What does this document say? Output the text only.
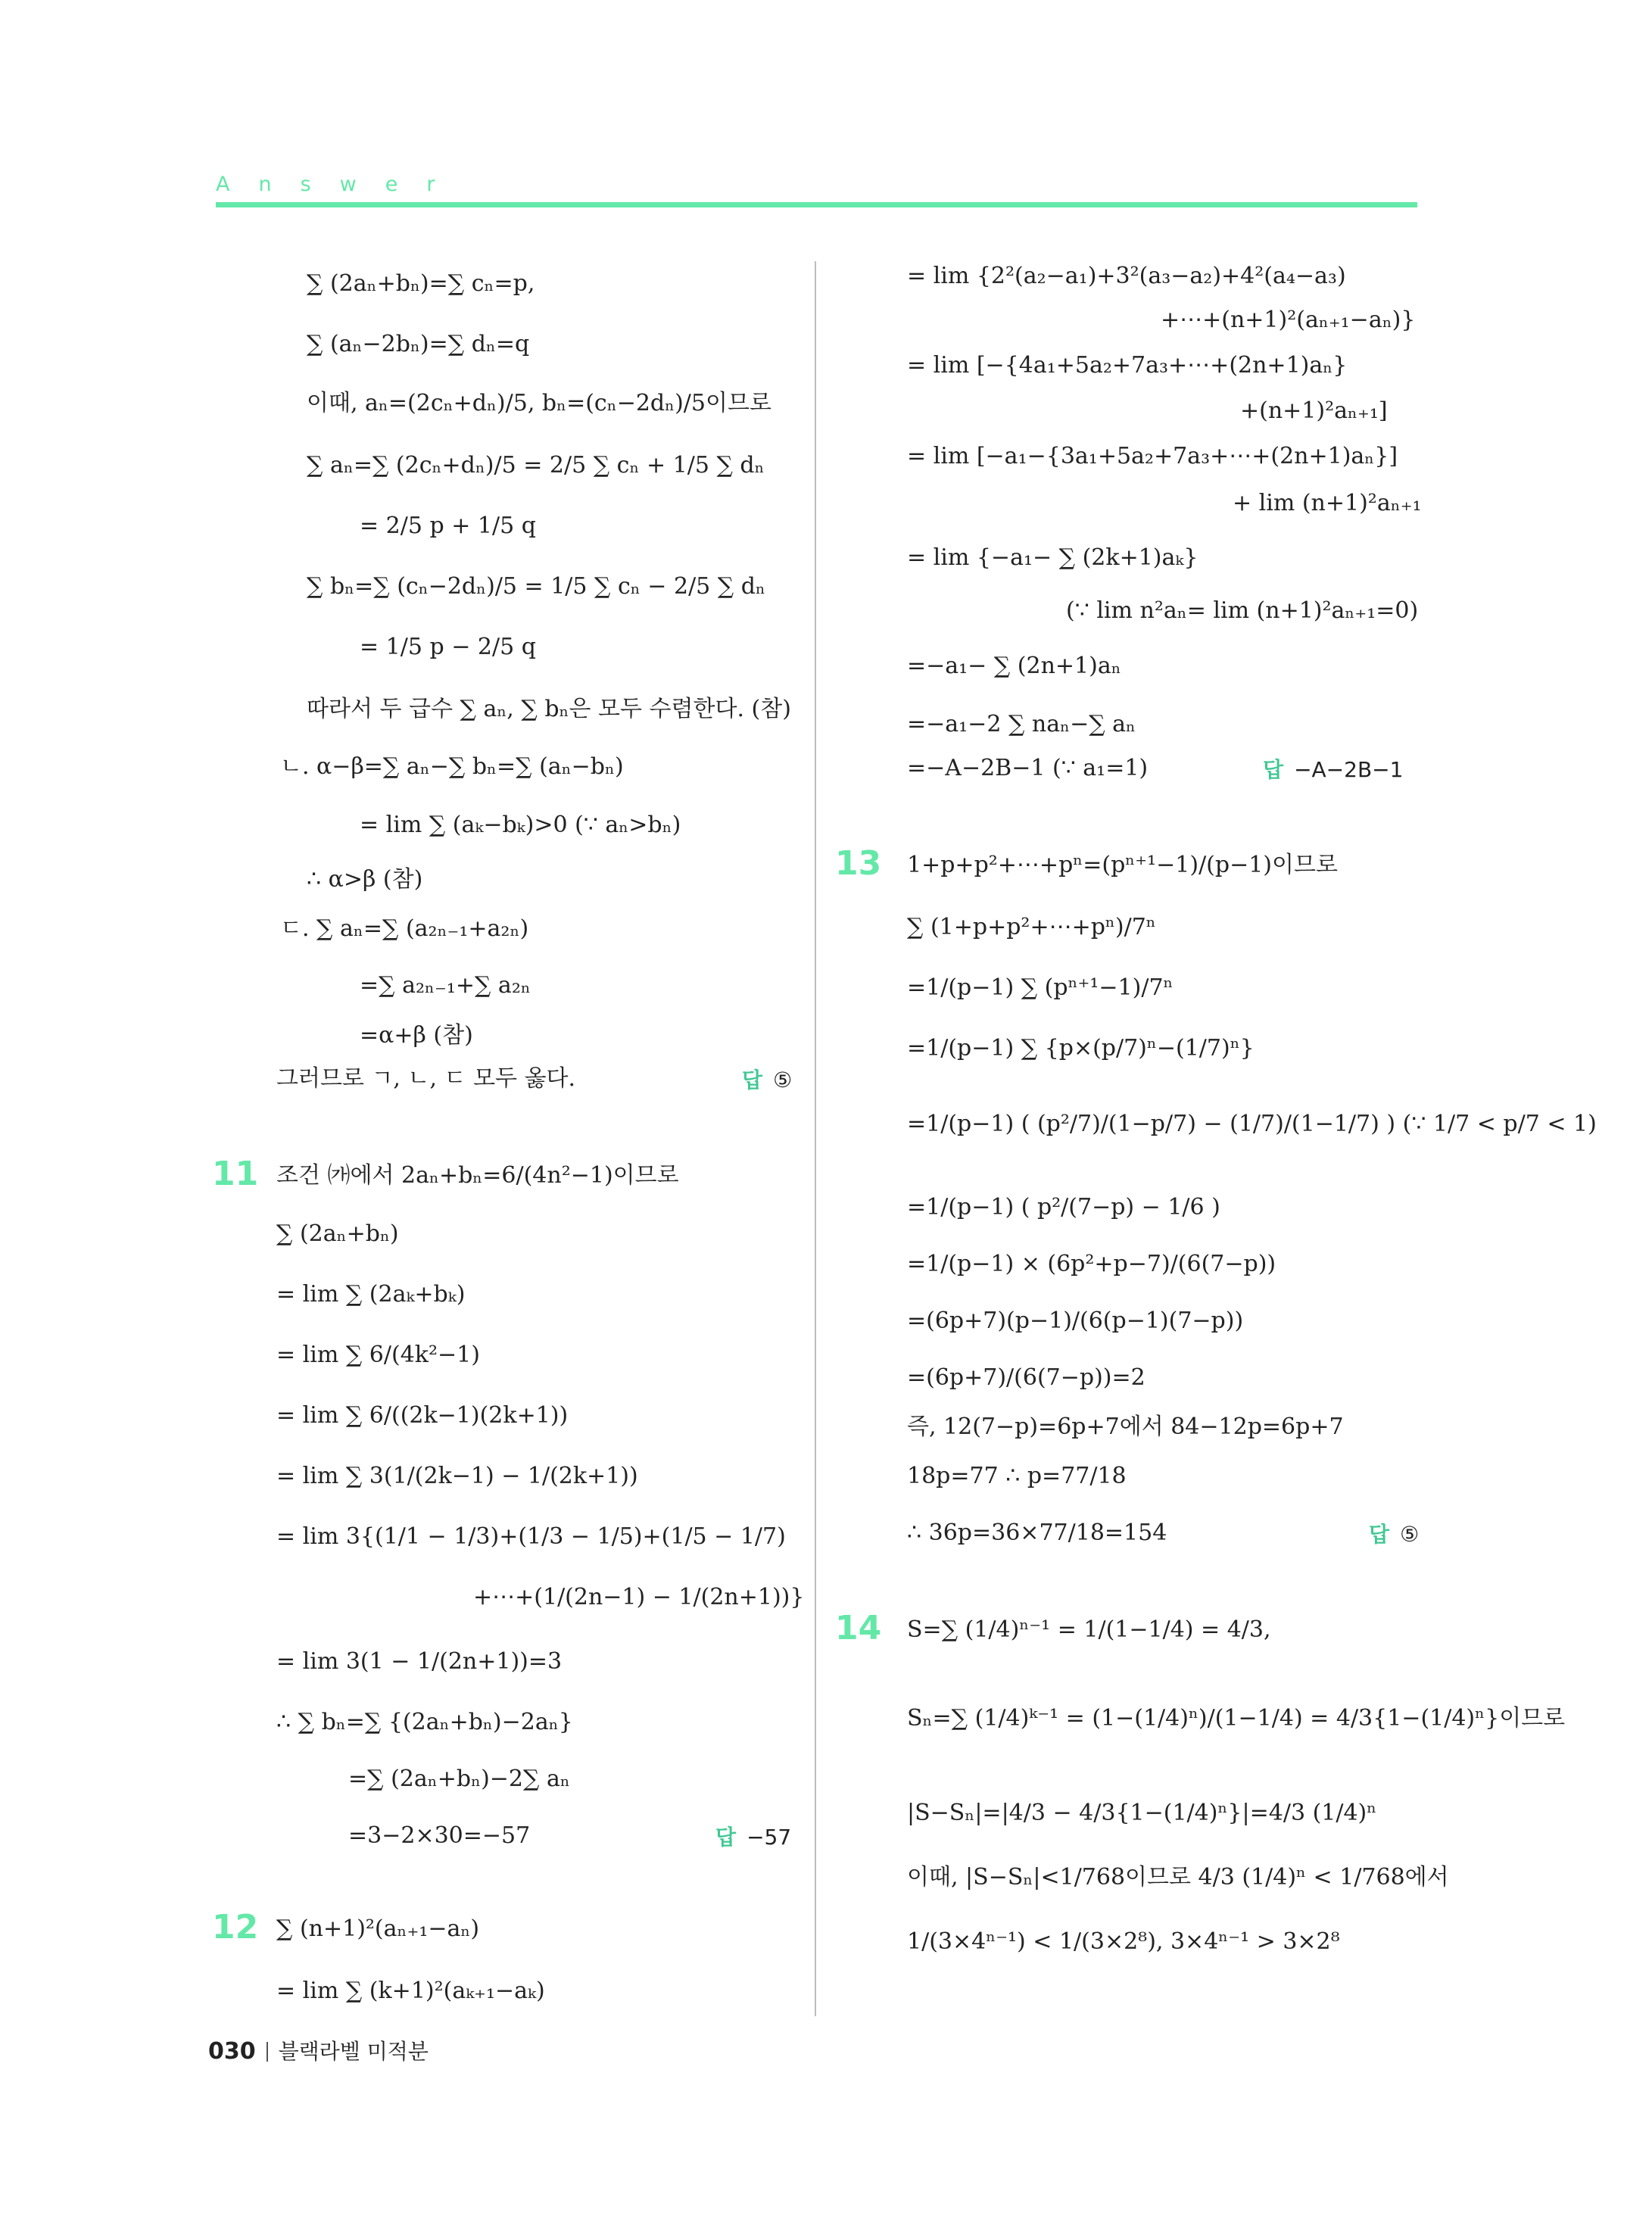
Answer
∑ (2aₙ+bₙ)=∑ cₙ=p,
∑ (aₙ−2bₙ)=∑ dₙ=q
이때, aₙ=(2cₙ+dₙ)/5, bₙ=(cₙ−2dₙ)/5이므로
∑ aₙ=∑ (2cₙ+dₙ)/5 = 2/5 ∑ cₙ + 1/5 ∑ dₙ
= 2/5 p + 1/5 q
∑ bₙ=∑ (cₙ−2dₙ)/5 = 1/5 ∑ cₙ − 2/5 ∑ dₙ
= 1/5 p − 2/5 q
따라서 두 급수 ∑ aₙ, ∑ bₙ은 모두 수렴한다. (참)
ㄴ. α−β=∑ aₙ−∑ bₙ=∑ (aₙ−bₙ)
= lim ∑ (aₖ−bₖ)>0 (∵ aₙ>bₙ)
∴ α>β (참)
ㄷ. ∑ aₙ=∑ (a₂ₙ₋₁+a₂ₙ)
=∑ a₂ₙ₋₁+∑ a₂ₙ
=α+β (참)
그러므로 ㄱ, ㄴ, ㄷ 모두 옳다.	답 ⑤
11 조건 ㈎에서 2aₙ+bₙ=6/(4n²−1)이므로
∑ (2aₙ+bₙ)
= lim ∑ (2aₖ+bₖ)
= lim ∑ 6/(4k²−1)
= lim ∑ 6/((2k−1)(2k+1))
= lim ∑ 3(1/(2k−1) − 1/(2k+1))
= lim 3{(1/1 − 1/3)+(1/3 − 1/5)+(1/5 − 1/7)
+⋯+(1/(2n−1) − 1/(2n+1))}
= lim 3(1 − 1/(2n+1))=3
∴ ∑ bₙ=∑ {(2aₙ+bₙ)−2aₙ}
=∑ (2aₙ+bₙ)−2∑ aₙ
=3−2×30=−57	답 −57
12 ∑ (n+1)²(aₙ₊₁−aₙ)
= lim ∑ (k+1)²(aₖ₊₁−aₖ)
= lim {2²(a₂−a₁)+3²(a₃−a₂)+4²(a₄−a₃)
+⋯+(n+1)²(aₙ₊₁−aₙ)}
= lim [−{4a₁+5a₂+7a₃+⋯+(2n+1)aₙ}
+(n+1)²aₙ₊₁]
= lim [−a₁−{3a₁+5a₂+7a₃+⋯+(2n+1)aₙ}]
+ lim (n+1)²aₙ₊₁
= lim {−a₁− ∑ (2k+1)aₖ}
(∵ lim n²aₙ= lim (n+1)²aₙ₊₁=0)
=−a₁− ∑ (2n+1)aₙ
=−a₁−2 ∑ naₙ−∑ aₙ
=−A−2B−1 (∵ a₁=1)	답 −A−2B−1
13 1+p+p²+⋯+pⁿ=(pⁿ⁺¹−1)/(p−1)이므로
∑ (1+p+p²+⋯+pⁿ)/7ⁿ
=1/(p−1) ∑ (pⁿ⁺¹−1)/7ⁿ
=1/(p−1) ∑ {p×(p/7)ⁿ−(1/7)ⁿ}
=1/(p−1) ( (p²/7)/(1−p/7) − (1/7)/(1−1/7) ) (∵ 1/7 < p/7 < 1)
=1/(p−1) ( p²/(7−p) − 1/6 )
=1/(p−1) × (6p²+p−7)/(6(7−p))
=(6p+7)(p−1)/(6(p−1)(7−p))
=(6p+7)/(6(7−p))=2
즉, 12(7−p)=6p+7에서 84−12p=6p+7
18p=77 ∴ p=77/18
∴ 36p=36×77/18=154	답 ⑤
14 S=∑ (1/4)ⁿ⁻¹ = 1/(1−1/4) = 4/3,
Sₙ=∑ (1/4)ᵏ⁻¹ = (1−(1/4)ⁿ)/(1−1/4) = 4/3{1−(1/4)ⁿ}이므로
|S−Sₙ|=|4/3 − 4/3{1−(1/4)ⁿ}|=4/3 (1/4)ⁿ
이때, |S−Sₙ|<1/768이므로 4/3 (1/4)ⁿ < 1/768에서
1/(3×4ⁿ⁻¹) < 1/(3×2⁸), 3×4ⁿ⁻¹ > 3×2⁸
030 블랙라벨 미적분
